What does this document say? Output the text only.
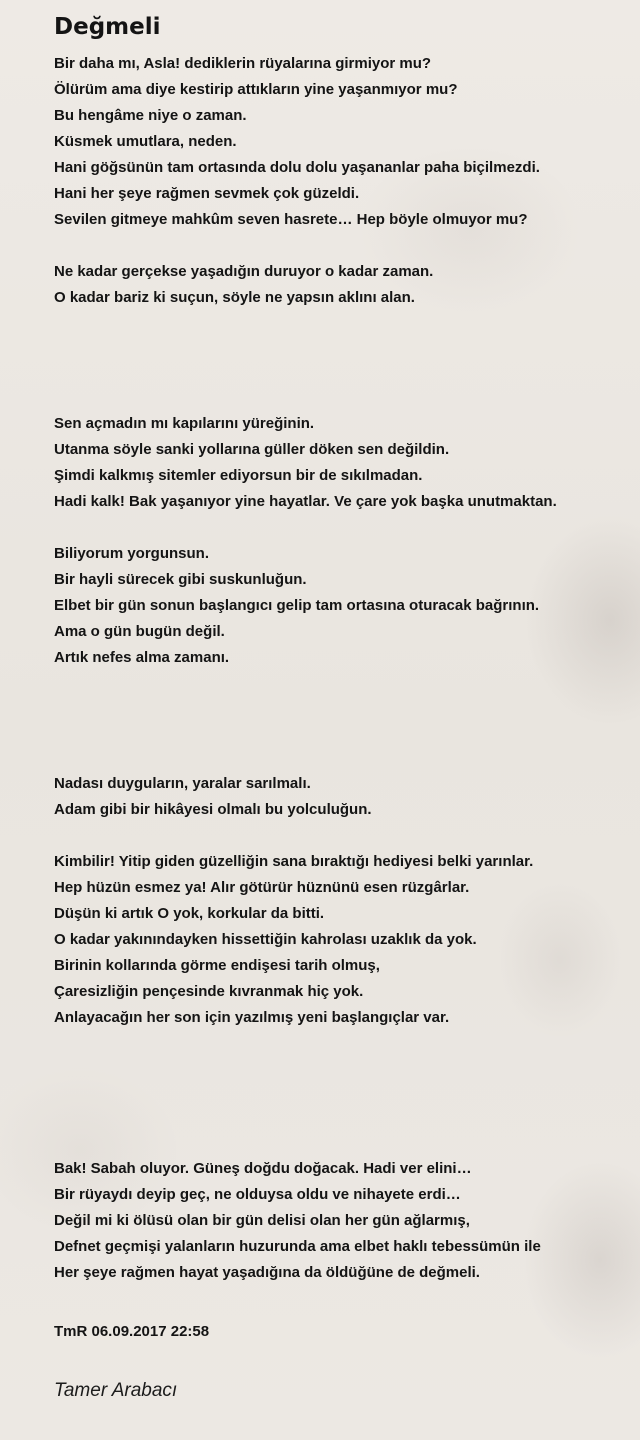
Değmeli
Bir daha mı, Asla! dediklerin rüyalarına girmiyor mu?
Ölürüm ama diye kestirip attıkların yine yaşanmıyor mu?
Bu hengâme niye o zaman.
Küsmek umutlara, neden.
Hani göğsünün tam ortasında dolu dolu yaşananlar paha biçilmezdi.
Hani her şeye rağmen sevmek çok güzeldi.
Sevilen gitmeye mahkûm seven hasrete… Hep böyle olmuyor mu?
Ne kadar gerçekse yaşadığın duruyor o kadar zaman.
O kadar bariz ki suçun, söyle ne yapsın aklını alan.
Sen açmadın mı kapılarını yüreğinin.
Utanma söyle sanki yollarına güller döken sen değildin.
Şimdi kalkmış sitemler ediyorsun bir de sıkılmadan.
Hadi kalk! Bak yaşanıyor yine hayatlar. Ve çare yok başka unutmaktan.
Biliyorum yorgunsun.
Bir hayli sürecek gibi suskunluğun.
Elbet bir gün sonun başlangıcı gelip tam ortasına oturacak bağrının.
Ama o gün bugün değil.
Artık nefes alma zamanı.
Nadası duyguların, yaralar sarılmalı.
Adam gibi bir hikâyesi olmalı bu yolculuğun.
Kimbilir! Yitip giden güzelliğin sana bıraktığı hediyesi belki yarınlar.
Hep hüzün esmez ya! Alır götürür hüznünü esen rüzgârlar.
Düşün ki artık O yok, korkular da bitti.
O kadar yakınındayken hissettiğin kahrolası uzaklık da yok.
Birinin kollarında görme endişesi tarih olmuş,
Çaresizliğin pençesinde kıvranmak hiç yok.
Anlayacağın her son için yazılmış yeni başlangıçlar var.
Bak! Sabah oluyor. Güneş doğdu doğacak. Hadi ver elini…
Bir rüyaydı deyip geç, ne olduysa oldu ve nihayete erdi…
Değil mi ki ölüsü olan bir gün delisi olan her gün ağlarmış,
Defnet geçmişi yalanların huzurunda ama elbet haklı tebessümün ile
Her şeye rağmen hayat yaşadığına da öldüğüne de değmeli.
TmR 06.09.2017 22:58
Tamer Arabacı
